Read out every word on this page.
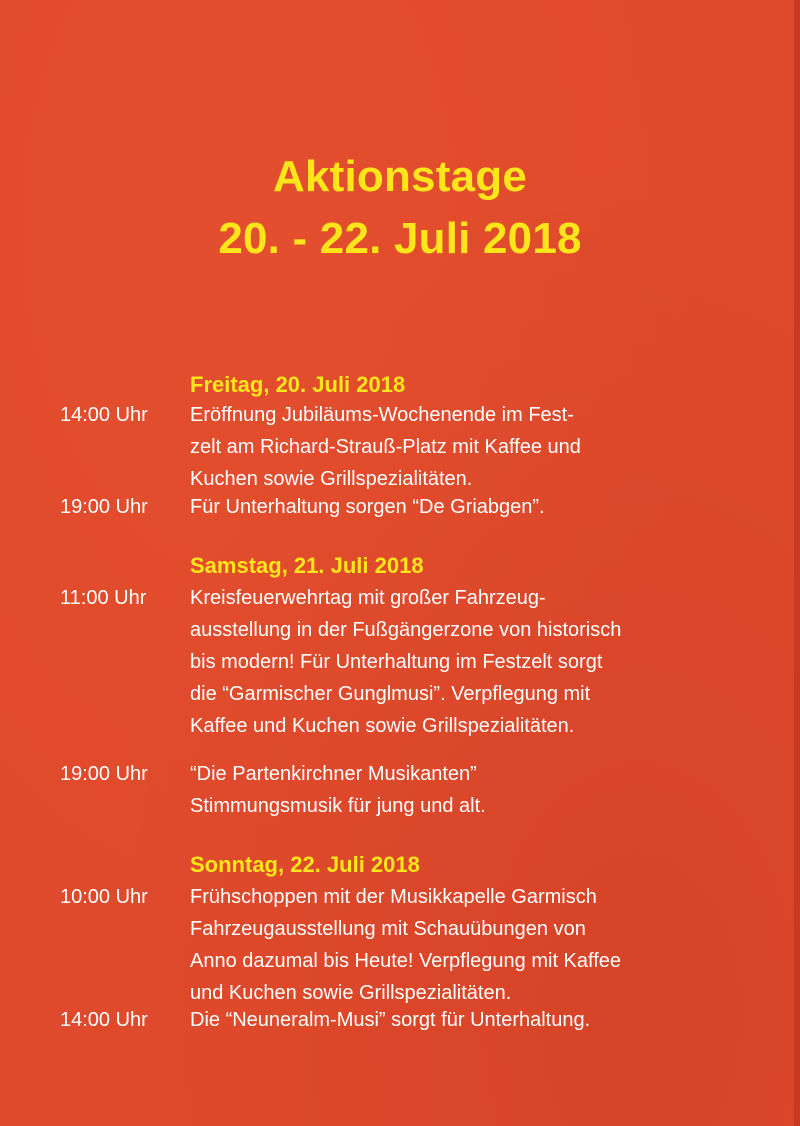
Aktionstage
20. - 22. Juli 2018
Freitag, 20. Juli 2018
14:00 Uhr	Eröffnung Jubiläums-Wochenende im Fest-
zelt am Richard-Strauß-Platz mit Kaffee und
Kuchen sowie Grillspezialitäten.
19:00 Uhr	Für Unterhaltung sorgen “De Griabgen”.
Samstag, 21. Juli 2018
11:00 Uhr	Kreisfeuerwehrtag mit großer Fahrzeug-
ausstellung in der Fußgängerzone von historisch
bis modern! Für Unterhaltung im Festzelt sorgt
die “Garmischer Gunglmusi”. Verpflegung mit
Kaffee und Kuchen sowie Grillspezialitäten.
19:00 Uhr	“Die Partenkirchner Musikanten”
Stimmungsmusik für jung und alt.
Sonntag, 22. Juli 2018
10:00 Uhr	Frühschoppen mit der Musikkapelle Garmisch
Fahrzeugausstellung mit Schauübungen von
Anno dazumal bis Heute! Verpflegung mit Kaffee
und Kuchen sowie Grillspezialitäten.
14:00 Uhr	Die “Neuneralm-Musi” sorgt für Unterhaltung.
